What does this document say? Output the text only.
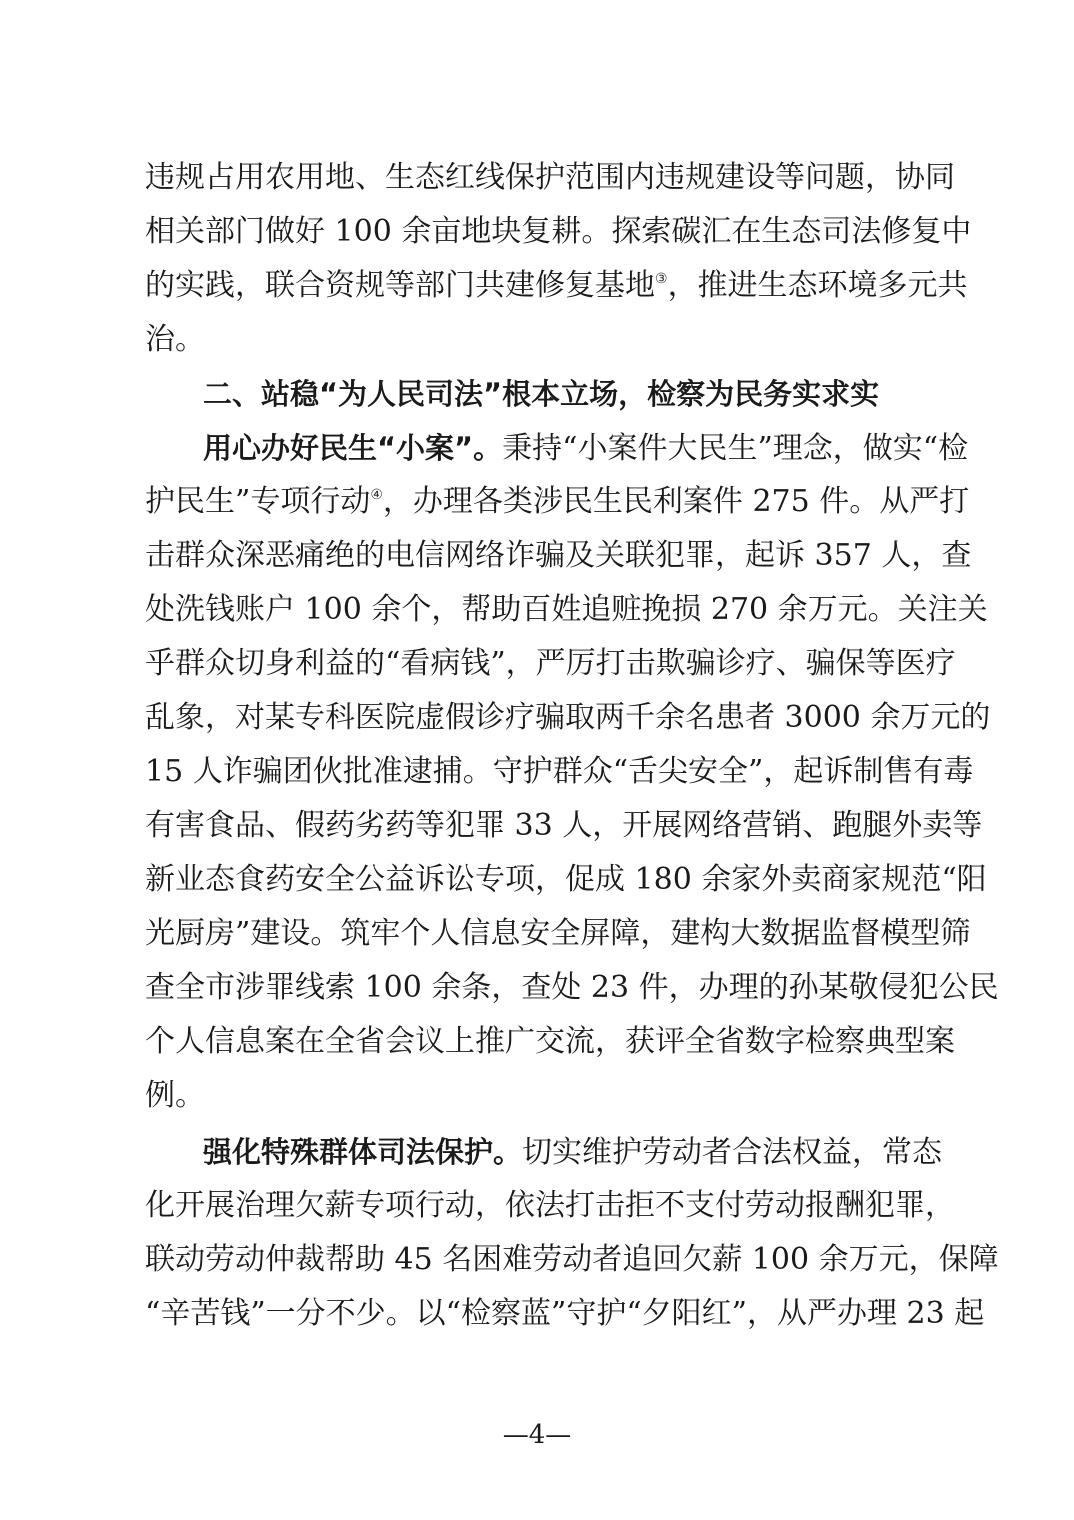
违规占用农用地、生态红线保护范围内违规建设等问题，协同
相关部门做好 100 余亩地块复耕。探索碳汇在生态司法修复中
的实践，联合资规等部门共建修复基地③，推进生态环境多元共
治。
二、站稳“为人民司法”根本立场，检察为民务实求实
用心办好民生“小案”。秉持“小案件大民生”理念，做实“检
护民生”专项行动④，办理各类涉民生民利案件 275 件。从严打
击群众深恶痛绝的电信网络诈骗及关联犯罪，起诉 357 人，查
处洗钱账户 100 余个，帮助百姓追赃挽损 270 余万元。关注关
乎群众切身利益的“看病钱”，严厉打击欺骗诊疗、骗保等医疗
乱象，对某专科医院虚假诊疗骗取两千余名患者 3000 余万元的
15 人诈骗团伙批准逮捕。守护群众“舌尖安全”，起诉制售有毒
有害食品、假药劣药等犯罪 33 人，开展网络营销、跑腿外卖等
新业态食药安全公益诉讼专项，促成 180 余家外卖商家规范“阳
光厨房”建设。筑牢个人信息安全屏障，建构大数据监督模型筛
查全市涉罪线索 100 余条，查处 23 件，办理的孙某敬侵犯公民
个人信息案在全省会议上推广交流，获评全省数字检察典型案
例。
强化特殊群体司法保护。切实维护劳动者合法权益，常态
化开展治理欠薪专项行动，依法打击拒不支付劳动报酬犯罪，
联动劳动仲裁帮助 45 名困难劳动者追回欠薪 100 余万元，保障
“辛苦钱”一分不少。以“检察蓝”守护“夕阳红”，从严办理 23 起
—4—
